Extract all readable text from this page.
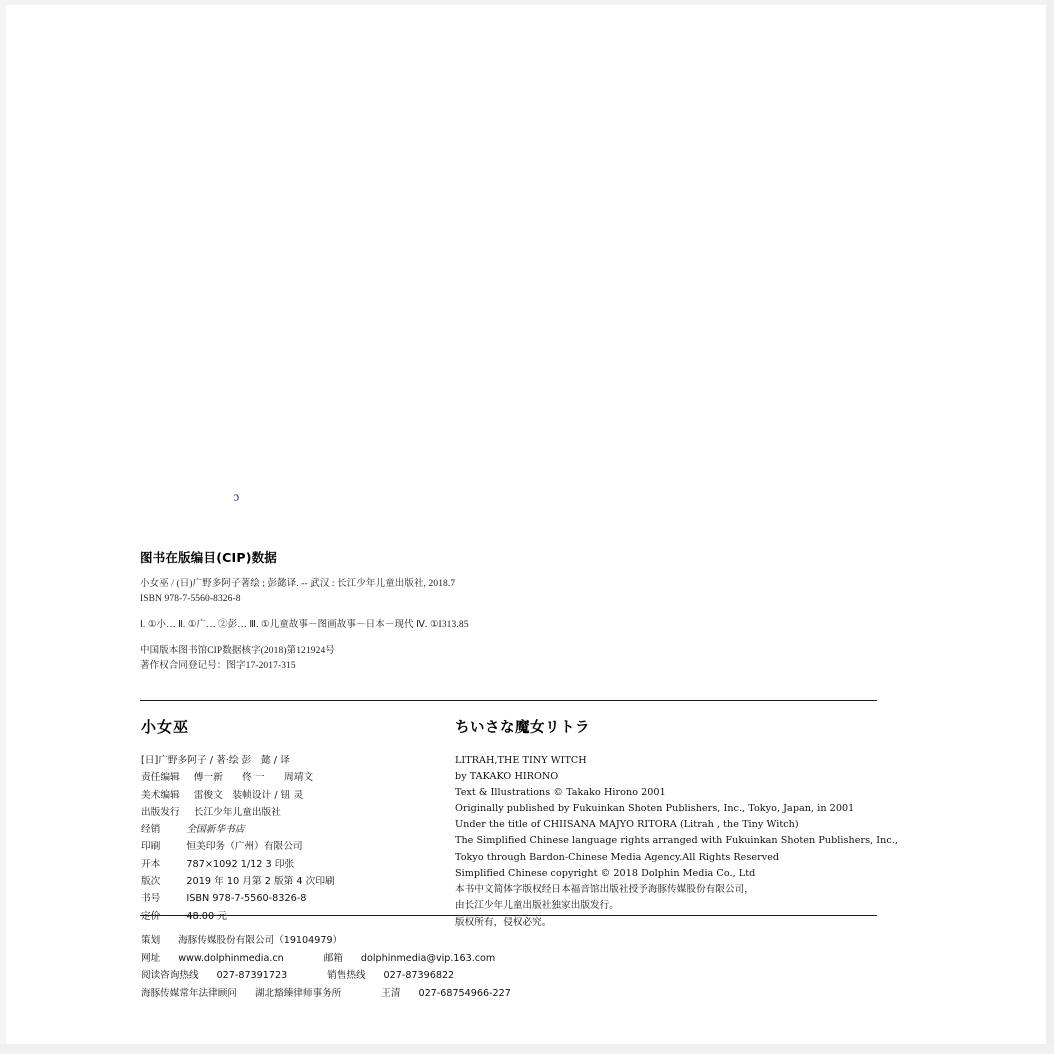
ɔ
图书在版编目(CIP)数据
小女巫 / (日)广野多阿子著绘 ; 彭懿译. -- 武汉 : 长江少年儿童出版社, 2018.7
ISBN 978-7-5560-8326-8
Ⅰ. ①小… Ⅱ. ①广… ②彭… Ⅲ. ①儿童故事－图画故事－日本－现代 Ⅳ. ①I313.85
中国版本图书馆CIP数据核字(2018)第121924号
著作权合同登记号：图字17-2017-315
小女巫	ちいさな魔女リトラ
[日]广野多阿子 / 著·绘 彭　懿 / 译
责任编辑 傅一新　　佟 一　　周靖文
美术编辑 雷俊文　装帧设计 / 钮 灵
出版发行 长江少年儿童出版社
经销	全国新华书店
印刷	恒美印务（广州）有限公司
开本	787×1092 1/12 3 印张
版次	2019 年 10 月第 2 版第 4 次印刷
书号	ISBN 978-7-5560-8326-8
定价	48.00 元
LITRAH,THE TINY WITCH
by TAKAKO HIRONO
Text & Illustrations © Takako Hirono 2001
Originally published by Fukuinkan Shoten Publishers, Inc., Tokyo, Japan, in 2001
Under the title of CHIISANA MAJYO RITORA (Litrah , the Tiny Witch)
The Simplified Chinese language rights arranged with Fukuinkan Shoten Publishers, Inc.,
Tokyo through Bardon-Chinese Media Agency.All Rights Reserved
Simplified Chinese copyright © 2018 Dolphin Media Co., Ltd
本书中文简体字版权经日本福音馆出版社授予海豚传媒股份有限公司，
由长江少年儿童出版社独家出版发行。
版权所有，侵权必究。
策划 海豚传媒股份有限公司（19104979）
网址 www.dolphinmedia.cn	邮箱 dolphinmedia@vip.163.com
阅读咨询热线 027-87391723	销售热线 027-87396822
海豚传媒常年法律顾问 湖北豁臻律师事务所	王清 027-68754966-227
